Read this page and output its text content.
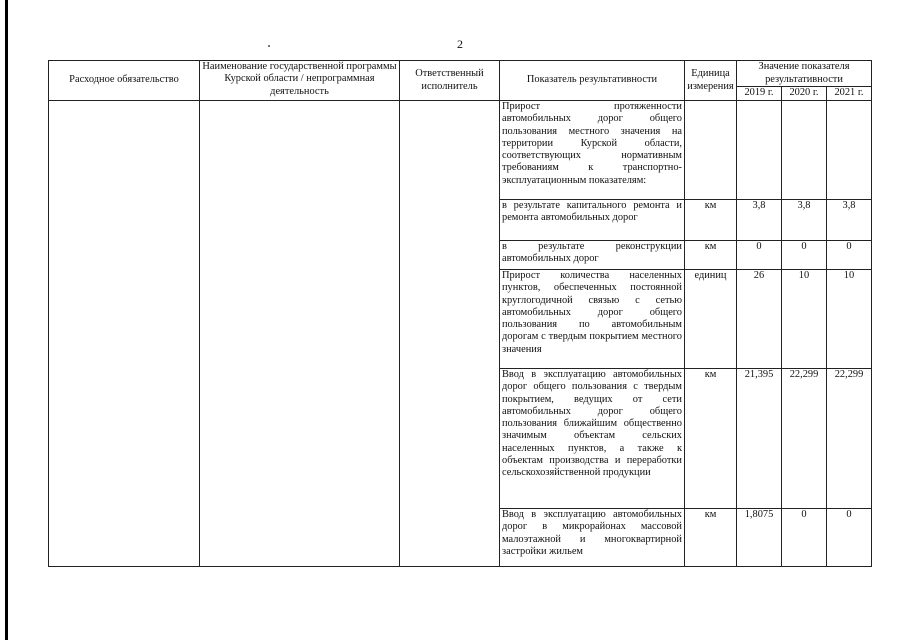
2
Расходное обязательство	Наименование государственной программы Курской области / непрограммная деятельность	Ответственный исполнитель	Показатель результативности	Единица измерения	Значение показателя результативности		
					2019 г.	2020 г.	2021 г.
			Прирост протяженности автомобильных дорог общего пользования местного значения на территории Курской области, соответствующих нормативным требованиям к транспортно-эксплуатационным показателям:				
			в результате капитального ремонта и ремонта автомобильных дорог	км	3,8	3,8	3,8
			в результате реконструкции автомобильных дорог	км	0	0	0
			Прирост количества населенных пунктов, обеспеченных постоянной круглогодичной связью с сетью автомобильных дорог общего пользования по автомобильным дорогам с твердым покрытием местного значения	единиц	26	10	10
			Ввод в эксплуатацию автомобильных дорог общего пользования с твердым покрытием, ведущих от сети автомобильных дорог общего пользования ближайшим общественно значимым объектам сельских населенных пунктов, а также к объектам производства и переработки сельскохозяйственной продукции	км	21,395	22,299	22,299
			Ввод в эксплуатацию автомобильных дорог в микрорайонах массовой малоэтажной и многоквартирной застройки жильем	км	1,8075	0	0
